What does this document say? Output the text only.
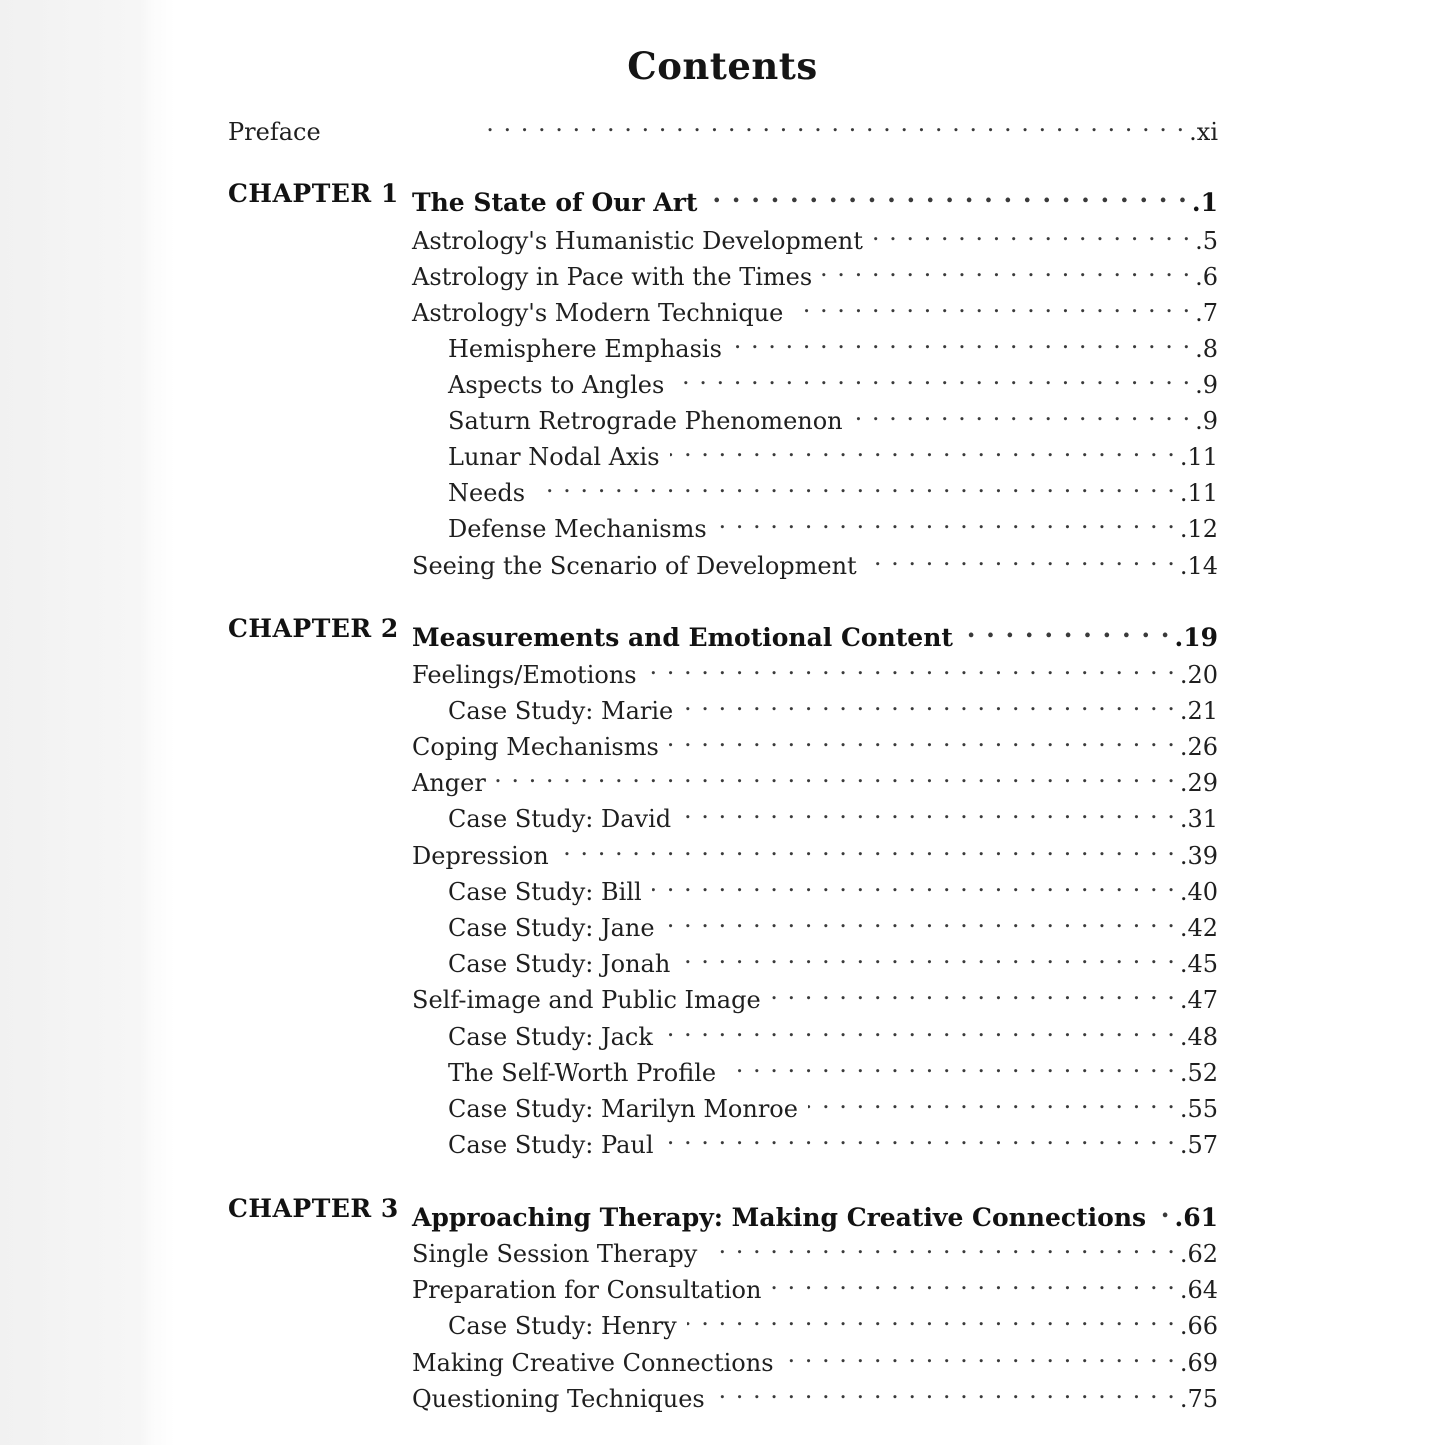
Contents
Preface . . .	.xi
CHAPTER 1 The State of Our Art . . .	.1
Astrology's Humanistic Development . . .	.5
Astrology in Pace with the Times . . .	.6
Astrology's Modern Technique . . .	.7
Hemisphere Emphasis . . .	.8
Aspects to Angles . . .	.9
Saturn Retrograde Phenomenon . . .	.9
Lunar Nodal Axis . . .	.11
Needs . . .	.11
Defense Mechanisms . . .	.12
Seeing the Scenario of Development . . .	.14
CHAPTER 2 Measurements and Emotional Content . . .	.19
Feelings/Emotions . . .	.20
Case Study: Marie . . .	.21
Coping Mechanisms . . .	.26
Anger . . .	.29
Case Study: David . . .	.31
Depression . . .	.39
Case Study: Bill . . .	.40
Case Study: Jane . . .	.42
Case Study: Jonah . . .	.45
Self-image and Public Image . . .	.47
Case Study: Jack . . .	.48
The Self-Worth Profile . . .	.52
Case Study: Marilyn Monroe . . .	.55
Case Study: Paul . . .	.57
CHAPTER 3 Approaching Therapy: Making Creative Connections . . . .61
Single Session Therapy . . .	.62
Preparation for Consultation . . .	.64
Case Study: Henry . . .	.66
Making Creative Connections . . .	.69
Questioning Techniques . . .	.75
